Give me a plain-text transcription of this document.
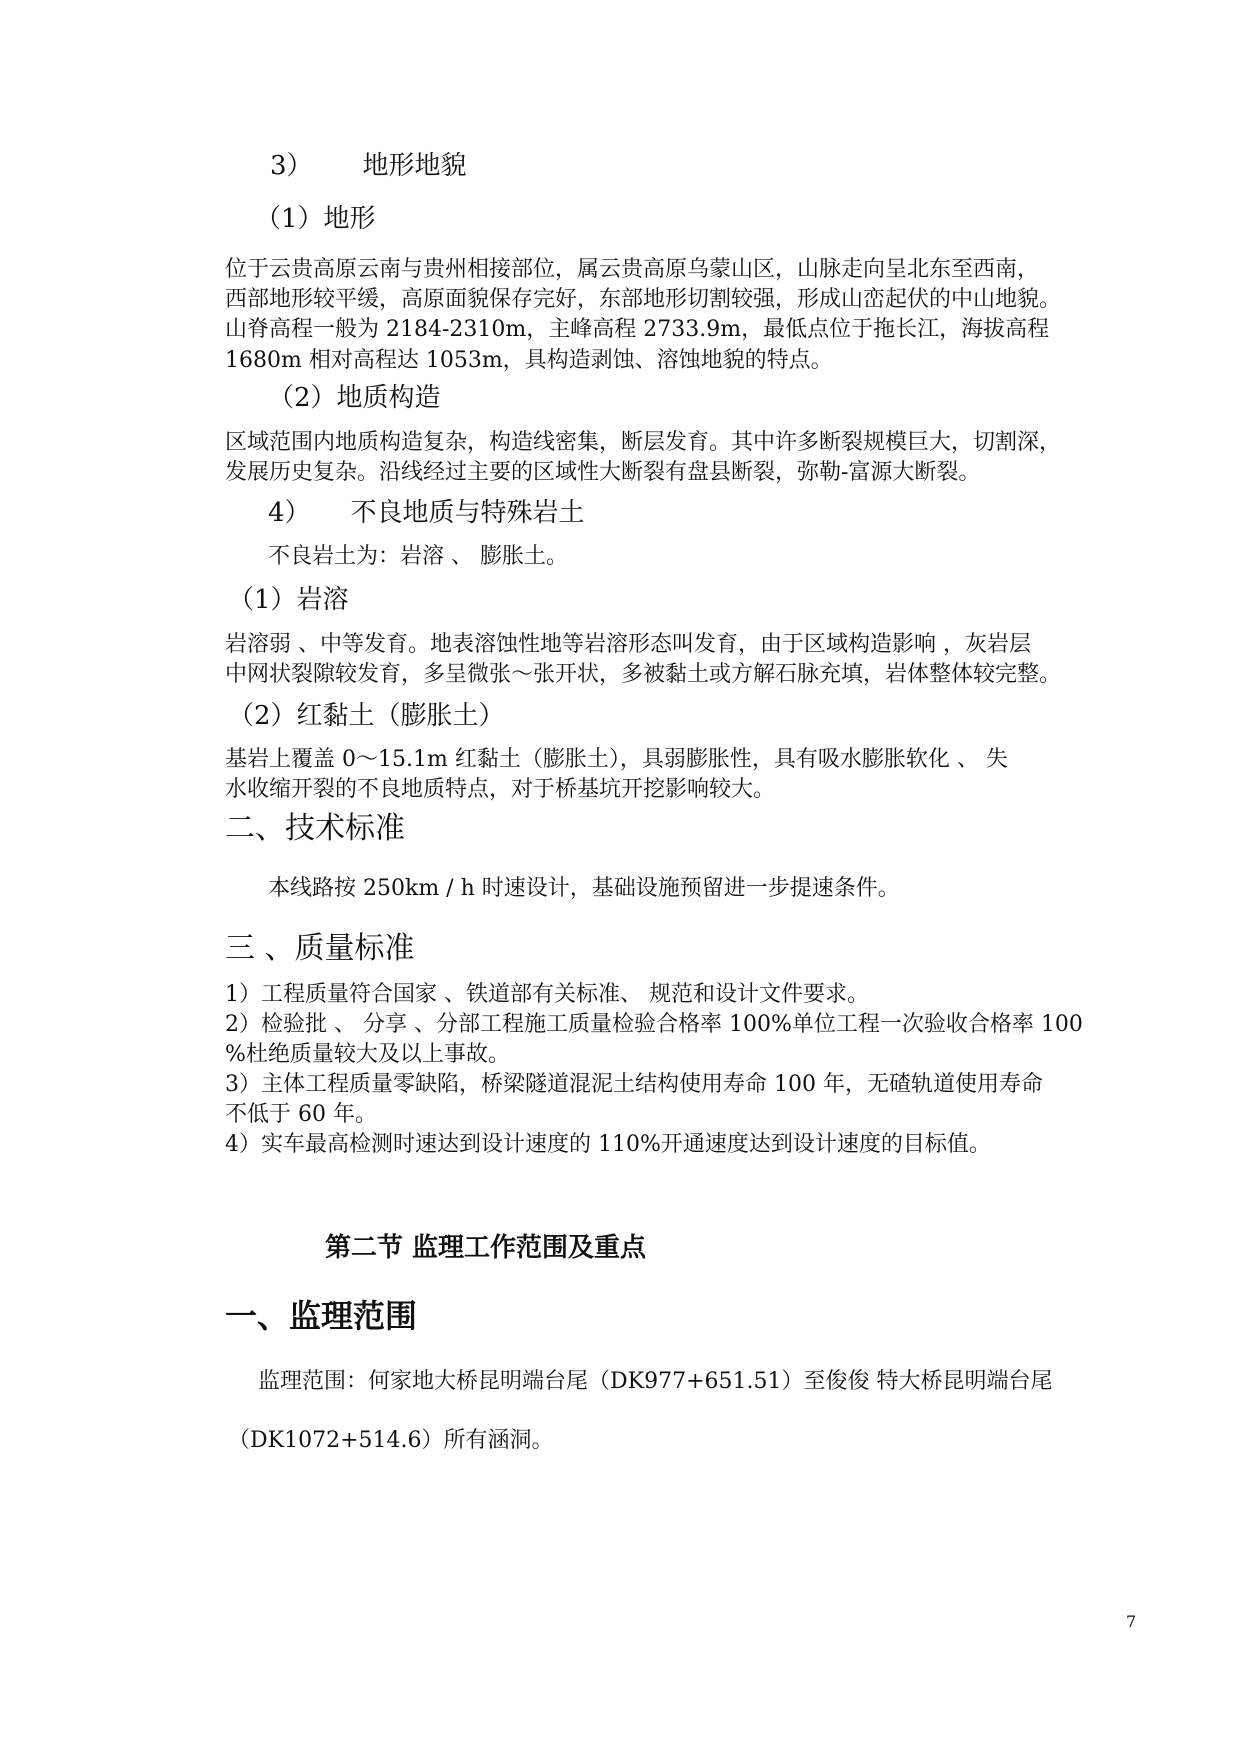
3） 地形地貌
（1）地形
位于云贵高原云南与贵州相接部位，属云贵高原乌蒙山区，山脉走向呈北东至西南，
西部地形较平缓，高原面貌保存完好，东部地形切割较强，形成山峦起伏的中山地貌。
山脊高程一般为 2184-2310m，主峰高程 2733.9m，最低点位于拖长江，海拔高程
1680m 相对高程达 1053m，具构造剥蚀、溶蚀地貌的特点。
（2）地质构造
区域范围内地质构造复杂，构造线密集，断层发育。其中许多断裂规模巨大，切割深，
发展历史复杂。沿线经过主要的区域性大断裂有盘县断裂，弥勒-富源大断裂。
4） 不良地质与特殊岩土
不良岩土为：岩溶 、 膨胀土。
（1）岩溶
岩溶弱 、中等发育。地表溶蚀性地等岩溶形态叫发育，由于区域构造影响 ，灰岩层
中网状裂隙较发育，多呈微张～张开状，多被黏土或方解石脉充填，岩体整体较完整。
（2）红黏土（膨胀土）
基岩上覆盖 0～15.1m 红黏土（膨胀土），具弱膨胀性，具有吸水膨胀软化 、 失
水收缩开裂的不良地质特点，对于桥基坑开挖影响较大。
二、技术标准
本线路按 250km / h 时速设计，基础设施预留进一步提速条件。
三 、质量标准
1）工程质量符合国家 、铁道部有关标准、 规范和设计文件要求。
2）检验批 、 分享 、分部工程施工质量检验合格率 100%单位工程一次验收合格率 100
%杜绝质量较大及以上事故。
3）主体工程质量零缺陷，桥梁隧道混泥土结构使用寿命 100 年，无碴轨道使用寿命
不低于 60 年。
4）实车最高检测时速达到设计速度的 110%开通速度达到设计速度的目标值。
第二节 监理工作范围及重点
一、监理范围
监理范围：何家地大桥昆明端台尾（DK977+651.51）至俊俊 特大桥昆明端台尾
（DK1072+514.6）所有涵洞。
7
